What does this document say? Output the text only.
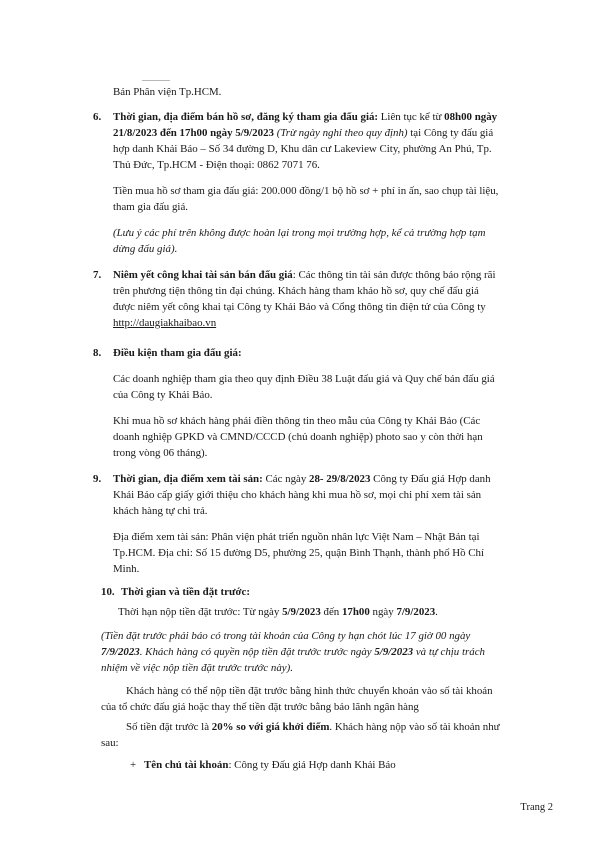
Bản Phân viện Tp.HCM.
6. Thời gian, địa điểm bán hồ sơ, đăng ký tham gia đấu giá: Liên tục kể từ 08h00 ngày
21/8/2023 đến 17h00 ngày 5/9/2023 (Trừ ngày nghỉ theo quy định) tại Công ty đấu giá
hợp danh Khải Bảo – Số 34 đường D, Khu dân cư Lakeview City, phường An Phú, Tp.
Thủ Đức, Tp.HCM - Điện thoại: 0862 7071 76.
Tiền mua hồ sơ tham gia đấu giá: 200.000 đồng/1 bộ hồ sơ + phí in ấn, sao chụp tài liệu,
tham gia đấu giá.
(Lưu ý các phí trên không được hoàn lại trong mọi trường hợp, kể cả trường hợp tạm
dừng đấu giá).
7. Niêm yết công khai tài sản bán đấu giá: Các thông tin tài sản được thông báo rộng rãi
trên phương tiện thông tin đại chúng. Khách hàng tham khảo hồ sơ, quy chế đấu giá
được niêm yết công khai tại Công ty Khải Bảo và Cổng thông tin điện tử của Công ty
http://daugiakhaibao.vn
8. Điều kiện tham gia đấu giá:
Các doanh nghiệp tham gia theo quy định Điều 38 Luật đấu giá và Quy chế bán đấu giá
của Công ty Khải Bảo.
Khi mua hồ sơ khách hàng phải điền thông tin theo mẫu của Công ty Khải Bảo (Các
doanh nghiệp GPKD và CMND/CCCD (chủ doanh nghiệp) photo sao y còn thời hạn
trong vòng 06 tháng).
9. Thời gian, địa điểm xem tài sản: Các ngày 28- 29/8/2023 Công ty Đấu giá Hợp danh
Khải Bảo cấp giấy giới thiệu cho khách hàng khi mua hồ sơ, mọi chi phí xem tài sản
khách hàng tự chi trả.
Địa điểm xem tài sản: Phân viện phát triển nguồn nhân lực Việt Nam – Nhật Bản tại
Tp.HCM. Địa chỉ: Số 15 đường D5, phường 25, quận Bình Thạnh, thành phố Hồ Chí
Minh.
10. Thời gian và tiền đặt trước:
Thời hạn nộp tiền đặt trước: Từ ngày 5/9/2023 đến 17h00 ngày 7/9/2023.
(Tiền đặt trước phải báo có trong tài khoản của Công ty hạn chót lúc 17 giờ 00 ngày
7/9/2023. Khách hàng có quyền nộp tiền đặt trước trước ngày 5/9/2023 và tự chịu trách
nhiệm về việc nộp tiền đặt trước trước này).
Khách hàng có thể nộp tiền đặt trước bằng hình thức chuyển khoản vào số tài khoản
của tổ chức đấu giá hoặc thay thế tiền đặt trước bằng bảo lãnh ngân hàng
Số tiền đặt trước là 20% so với giá khởi điểm. Khách hàng nộp vào số tài khoản như
sau:
+ Tên chủ tài khoản: Công ty Đấu giá Hợp danh Khải Bảo
Trang 2
